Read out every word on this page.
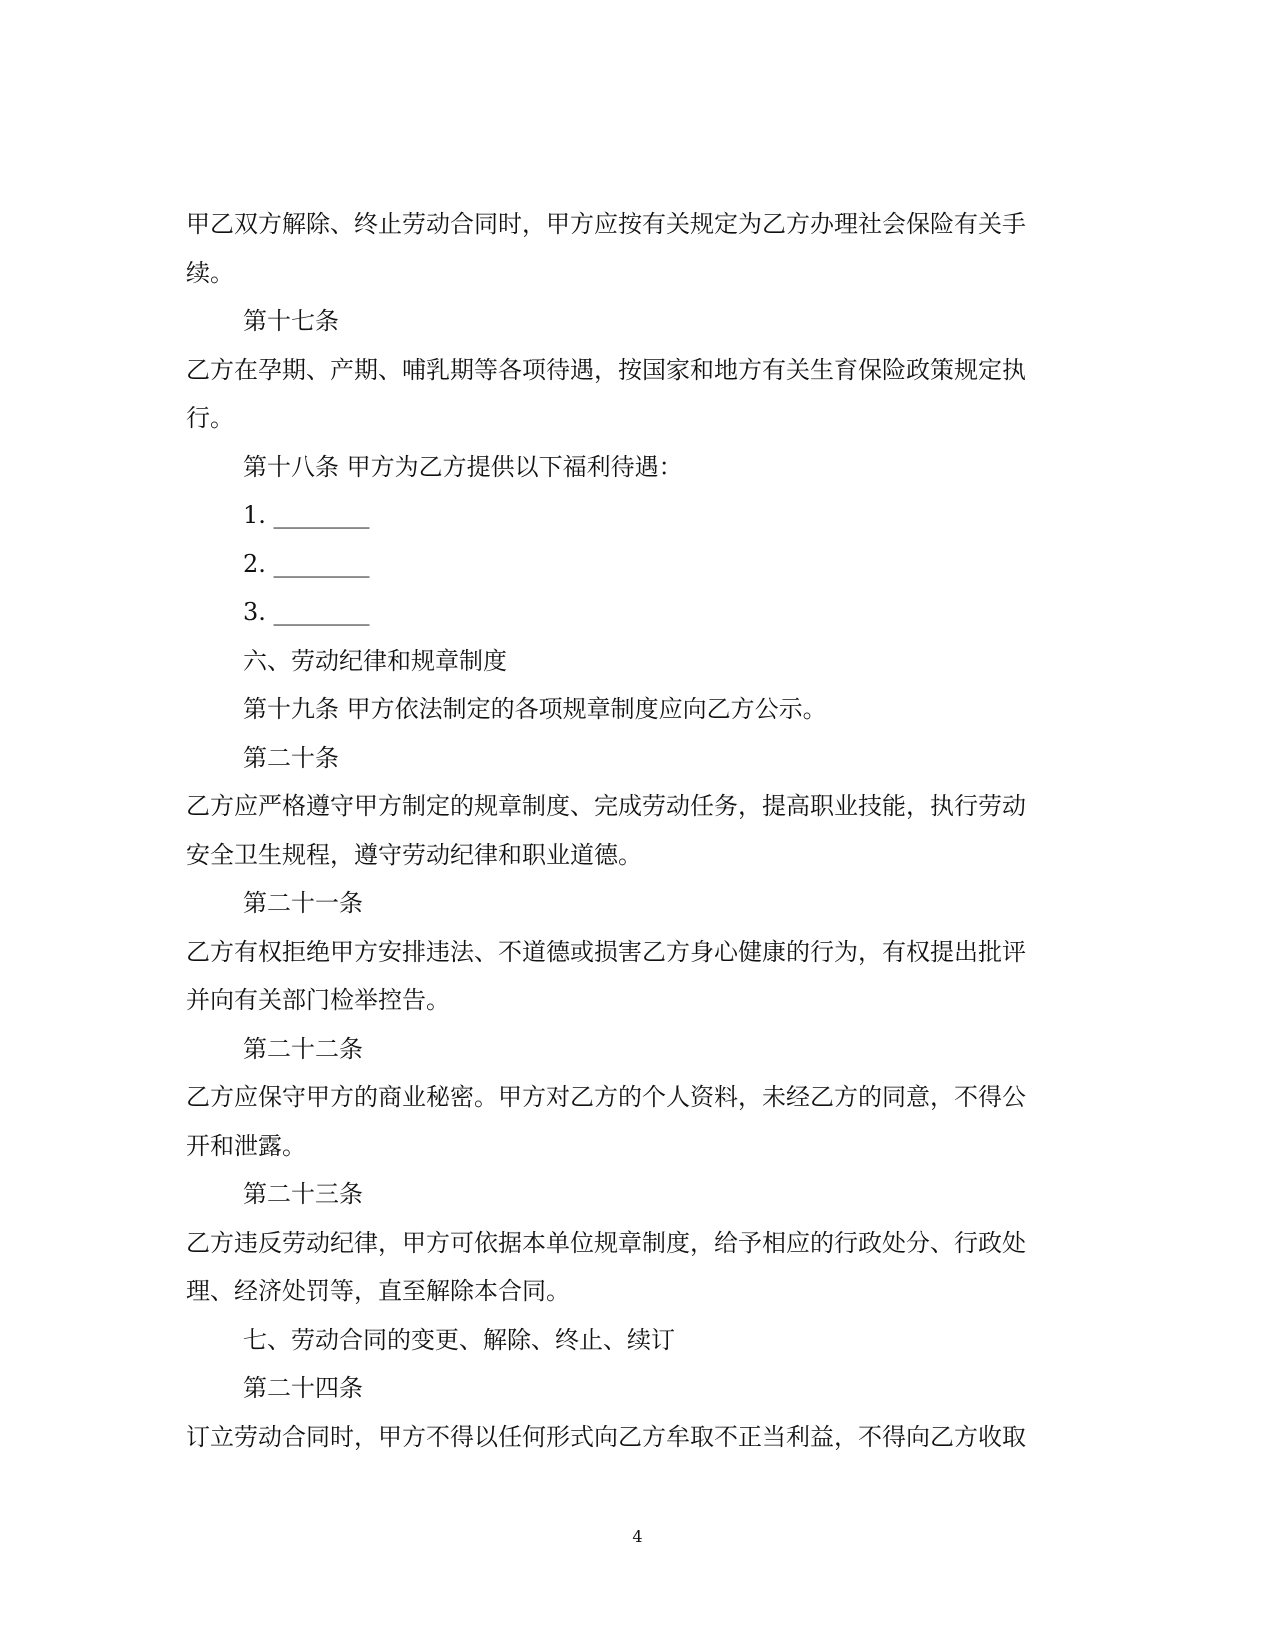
甲乙双方解除、终止劳动合同时，甲方应按有关规定为乙方办理社会保险有关手
续。
第十七条
乙方在孕期、产期、哺乳期等各项待遇，按国家和地方有关生育保险政策规定执
行。
第十八条 甲方为乙方提供以下福利待遇：
1. ________
2. ________
3. ________
六、劳动纪律和规章制度
第十九条 甲方依法制定的各项规章制度应向乙方公示。
第二十条
乙方应严格遵守甲方制定的规章制度、完成劳动任务，提高职业技能，执行劳动
安全卫生规程，遵守劳动纪律和职业道德。
第二十一条
乙方有权拒绝甲方安排违法、不道德或损害乙方身心健康的行为，有权提出批评
并向有关部门检举控告。
第二十二条
乙方应保守甲方的商业秘密。甲方对乙方的个人资料，未经乙方的同意，不得公
开和泄露。
第二十三条
乙方违反劳动纪律，甲方可依据本单位规章制度，给予相应的行政处分、行政处
理、经济处罚等，直至解除本合同。
七、劳动合同的变更、解除、终止、续订
第二十四条
订立劳动合同时，甲方不得以任何形式向乙方牟取不正当利益，不得向乙方收取
4
